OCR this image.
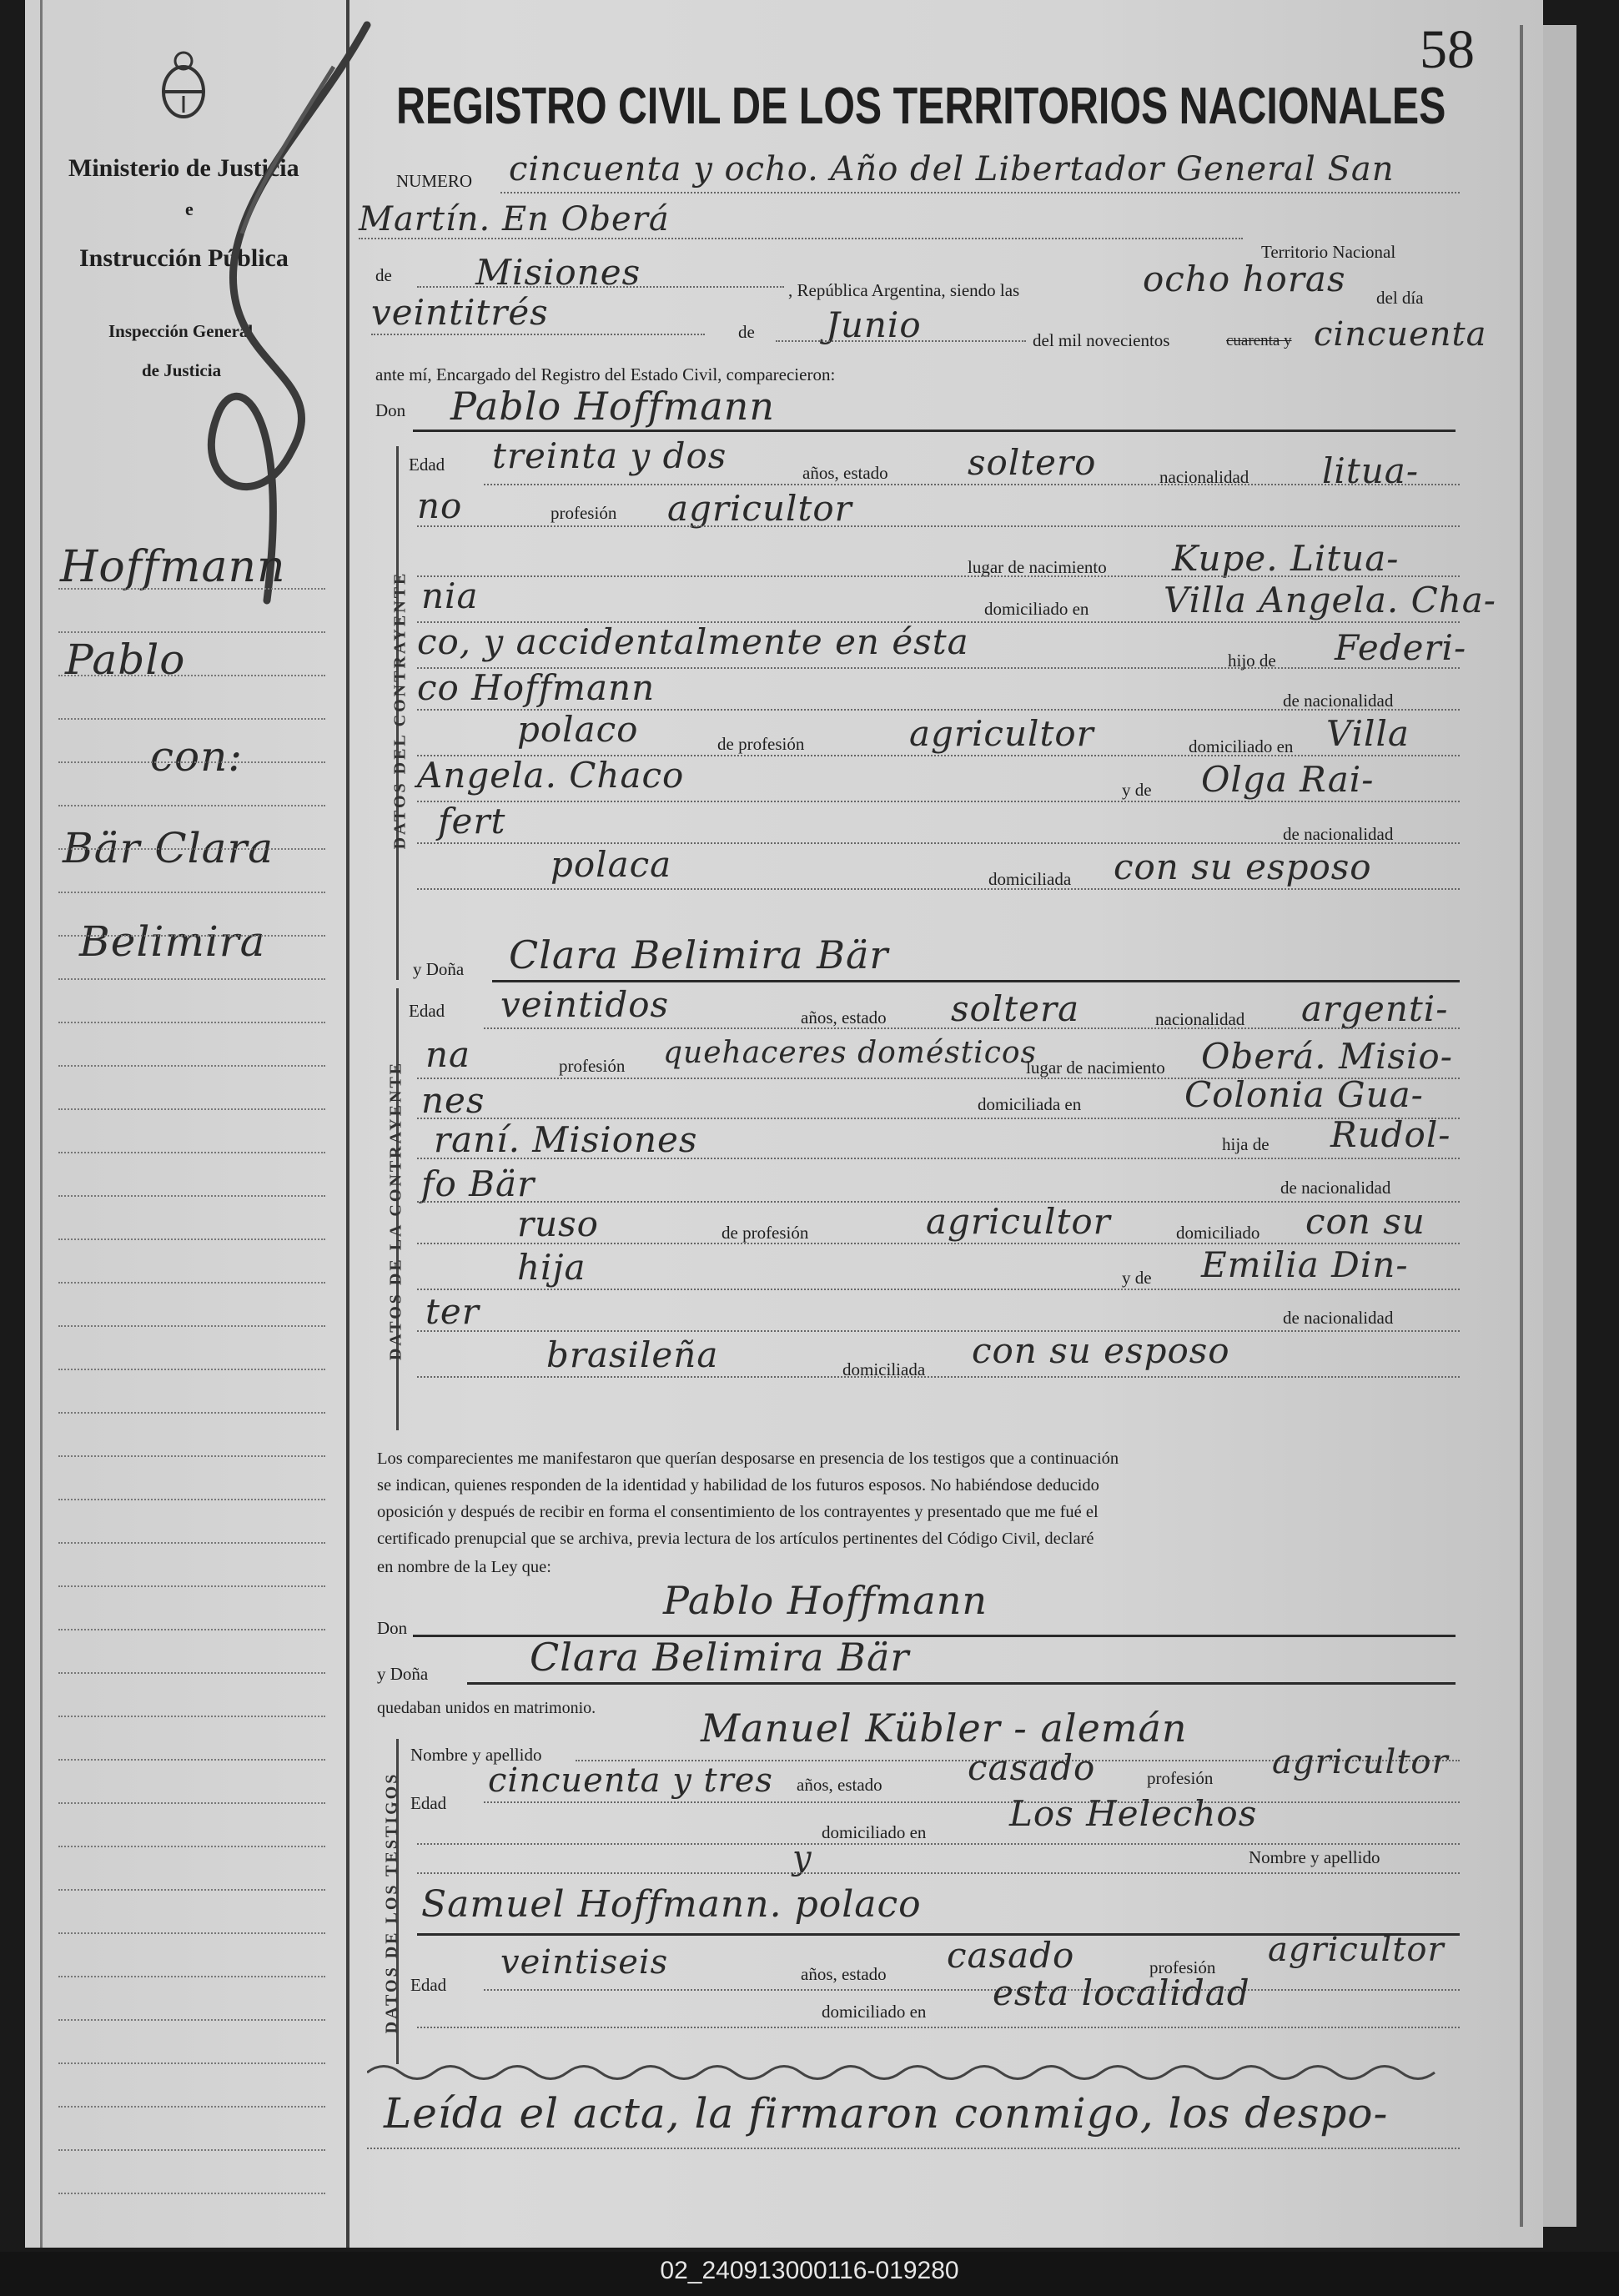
Ministerio de Justicia
e
Instrucción Pública
Inspección General
de Justicia
58
REGISTRO CIVIL DE LOS TERRITORIOS NACIONALES
Hoffmann
Pablo
con:
Bär Clara
Belimira
NUMERO cincuenta y ocho. Año del Libertador General San
Martín. En Oberá
Territorio Nacional
de Misiones	, República Argentina, siendo las	ocho horas del día
veintitrés	de Junio	del mil novecientos	cuarenta y cincuenta
ante mí, Encargado del Registro del Estado Civil, comparecieron:
Don Pablo Hoffmann
DATOS DEL CONTRAYENTE
Edad treinta y dos	años, estado soltero	nacionalidad litua-
no	profesión agricultor
lugar de nacimiento Kupe. Litua-
nia	domiciliado en Villa Angela. Cha-
co, y accidentalmente en ésta	hijo de Federi-
co Hoffmann	de nacionalidad
polaco	de profesión	agricultor	domiciliado en Villa
Angela. Chaco	y de Olga Rai-
fert	de nacionalidad
polaca	domiciliada con su esposo
y Doña Clara Belimira Bär
DATOS DE LA CONTRAYENTE
Edad veintidos	años, estado soltera	nacionalidad argenti-
na	profesión quehaceres domésticos
lugar de nacimiento Oberá. Misio-
nes	domiciliada en	Colonia Gua-
raní. Misiones	hija de Rudol-
fo Bär	de nacionalidad
ruso	de profesión	agricultor	domiciliado con su
hija	y de Emilia Din-
ter	de nacionalidad
brasileña	domiciliada con su esposo
Los comparecientes me manifestaron que querían desposarse en presencia de los testigos que a continuación
se indican, quienes responden de la identidad y habilidad de los futuros esposos. No habiéndose deducido
oposición y después de recibir en forma el consentimiento de los contrayentes y presentado que me fué el
certificado prenupcial que se archiva, previa lectura de los artículos pertinentes del Código Civil, declaré
en nombre de la Ley que:
Don
Pablo Hoffmann
y Doña	Clara Belimira Bär
quedaban unidos en matrimonio.
DATOS DE LOS TESTIGOS
Nombre y apellido
Manuel Kübler - alemán
Edad
cincuenta y tres años, estado casado	profesión agricultor
domiciliado en Los Helechos
y	Nombre y apellido
Samuel Hoffmann. polaco
Edad
veintiseis	años, estado casado	profesión agricultor
domiciliado en esta localidad
Leída el acta, la firmaron conmigo, los despo-
02_240913000116-019280
